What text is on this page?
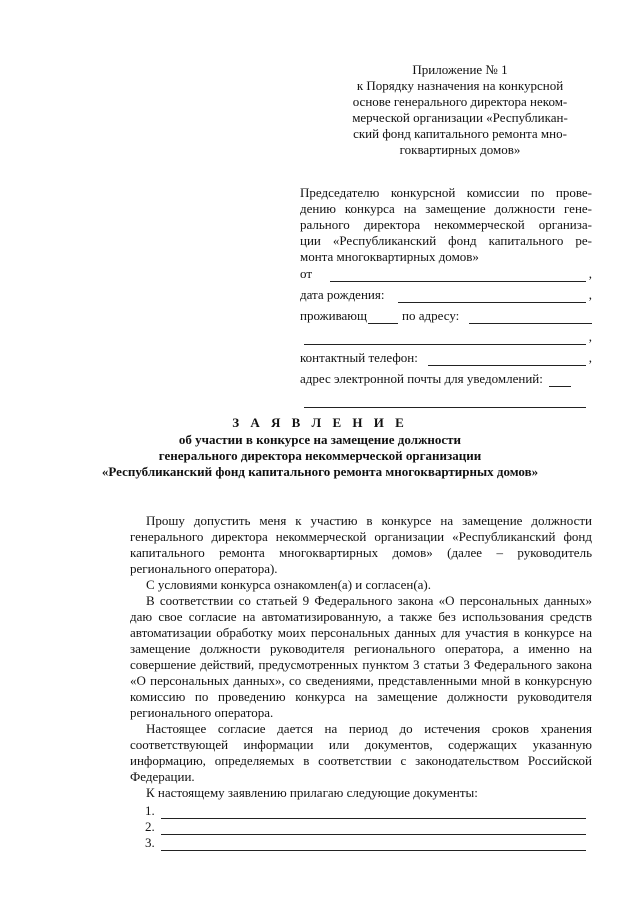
Приложение № 1
к Порядку назначения на конкурсной
основе генерального директора неком-
мерческой организации «Республикан-
ский фонд капитального ремонта мно-
гоквартирных домов»
Председателю конкурсной комиссии по прове-
дению конкурса на замещение должности гене-
рального директора некоммерческой организа-
ции «Республиканский фонд капитального ре-
монта многоквартирных домов»
от	,
дата рождения:	,
проживающ	по адресу:
,
контактный телефон:	,
адрес электронной почты для уведомлений:
З А Я В Л Е Н И Е
об участии в конкурсе на замещение должности
генерального директора некоммерческой организации
«Республиканский фонд капитального ремонта многоквартирных домов»

Прошу допустить меня к участию в конкурсе на замещение должности генерального директора некоммерческой организации «Республиканский фонд капитального ремонта многоквартирных домов» (далее – руководитель регионального оператора).

С условиями конкурса ознакомлен(а) и согласен(а).

В соответствии со статьей 9 Федерального закона «О персональных данных» даю свое согласие на автоматизированную, а также без использования средств автоматизации обработку моих персональных данных для участия в конкурсе на замещение должности руководителя регионального оператора, а именно на совершение действий, предусмотренных пунктом 3 статьи 3 Федерального закона «О персональных данных», со сведениями, представленными мной в конкурсную комиссию по проведению конкурса на замещение должности руководителя регионального оператора.

Настоящее согласие дается на период до истечения сроков хранения соответствующей информации или документов, содержащих указанную информацию, определяемых в соответствии с законодательством Российской Федерации.

К настоящему заявлению прилагаю следующие документы:

1.
2.
3.
